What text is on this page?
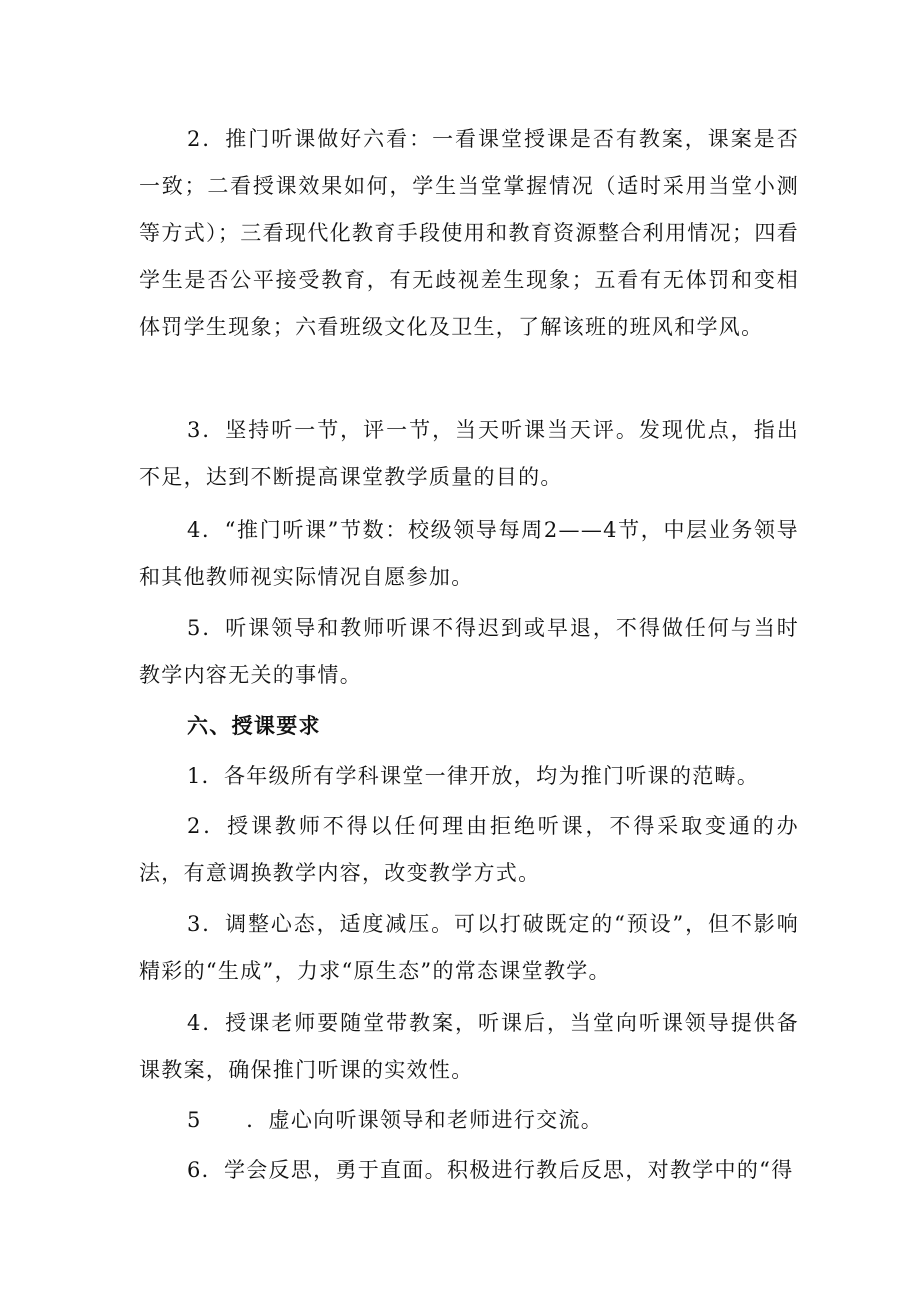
2．推门听课做好六看：一看课堂授课是否有教案，课案是否一致；二看授课效果如何，学生当堂掌握情况（适时采用当堂小测等方式）；三看现代化教育手段使用和教育资源整合利用情况；四看学生是否公平接受教育，有无歧视差生现象；五看有无体罚和变相体罚学生现象；六看班级文化及卫生，了解该班的班风和学风。

3．坚持听一节，评一节，当天听课当天评。发现优点，指出不足，达到不断提高课堂教学质量的目的。

4．“推门听课”节数：校级领导每周2——4节，中层业务领导和其他教师视实际情况自愿参加。

5．听课领导和教师听课不得迟到或早退，不得做任何与当时教学内容无关的事情。

六、授课要求

1．各年级所有学科课堂一律开放，均为推门听课的范畴。

2．授课教师不得以任何理由拒绝听课，不得采取变通的办法，有意调换教学内容，改变教学方式。

3．调整心态，适度减压。可以打破既定的“预设”，但不影响精彩的“生成”，力求“原生态”的常态课堂教学。

4．授课老师要随堂带教案，听课后，当堂向听课领导提供备课教案，确保推门听课的实效性。

5　　．虚心向听课领导和老师进行交流。

6．学会反思，勇于直面。积极进行教后反思，对教学中的“得
